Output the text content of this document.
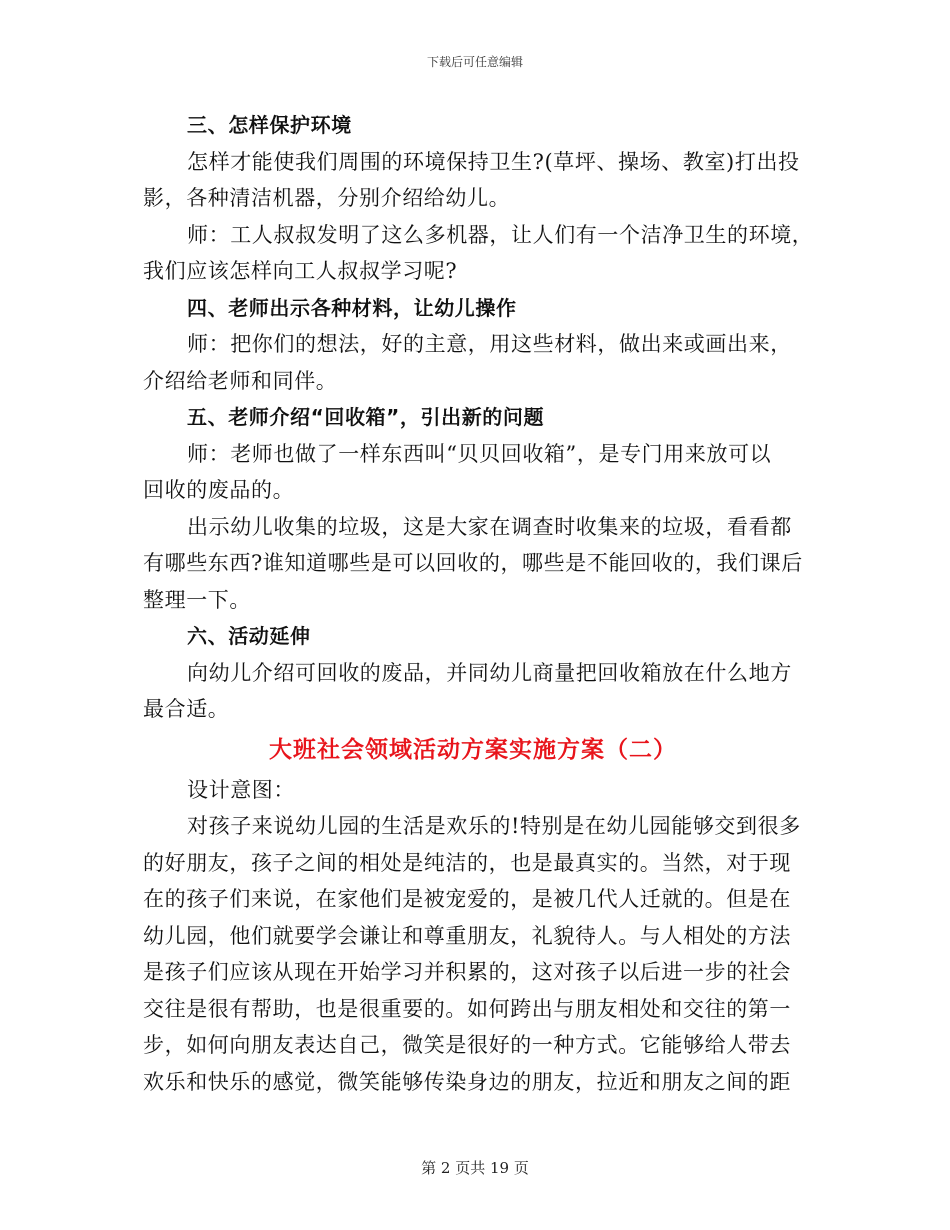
下载后可任意编辑
三、怎样保护环境
怎样才能使我们周围的环境保持卫生?(草坪、操场、教室)打出投
影，各种清洁机器，分别介绍给幼儿。
师：工人叔叔发明了这么多机器，让人们有一个洁净卫生的环境，
我们应该怎样向工人叔叔学习呢?
四、老师出示各种材料，让幼儿操作
师：把你们的想法，好的主意，用这些材料，做出来或画出来，
介绍给老师和同伴。
五、老师介绍“回收箱”，引出新的问题
师：老师也做了一样东西叫“贝贝回收箱”，是专门用来放可以
回收的废品的。
出示幼儿收集的垃圾，这是大家在调查时收集来的垃圾，看看都
有哪些东西?谁知道哪些是可以回收的，哪些是不能回收的，我们课后
整理一下。
六、活动延伸
向幼儿介绍可回收的废品，并同幼儿商量把回收箱放在什么地方
最合适。
大班社会领域活动方案实施方案（二）
设计意图：
对孩子来说幼儿园的生活是欢乐的!特别是在幼儿园能够交到很多
的好朋友，孩子之间的相处是纯洁的，也是最真实的。当然，对于现
在的孩子们来说，在家他们是被宠爱的，是被几代人迁就的。但是在
幼儿园，他们就要学会谦让和尊重朋友，礼貌待人。与人相处的方法
是孩子们应该从现在开始学习并积累的，这对孩子以后进一步的社会
交往是很有帮助，也是很重要的。如何跨出与朋友相处和交往的第一
步，如何向朋友表达自己，微笑是很好的一种方式。它能够给人带去
欢乐和快乐的感觉，微笑能够传染身边的朋友，拉近和朋友之间的距
第 2 页共 19 页
